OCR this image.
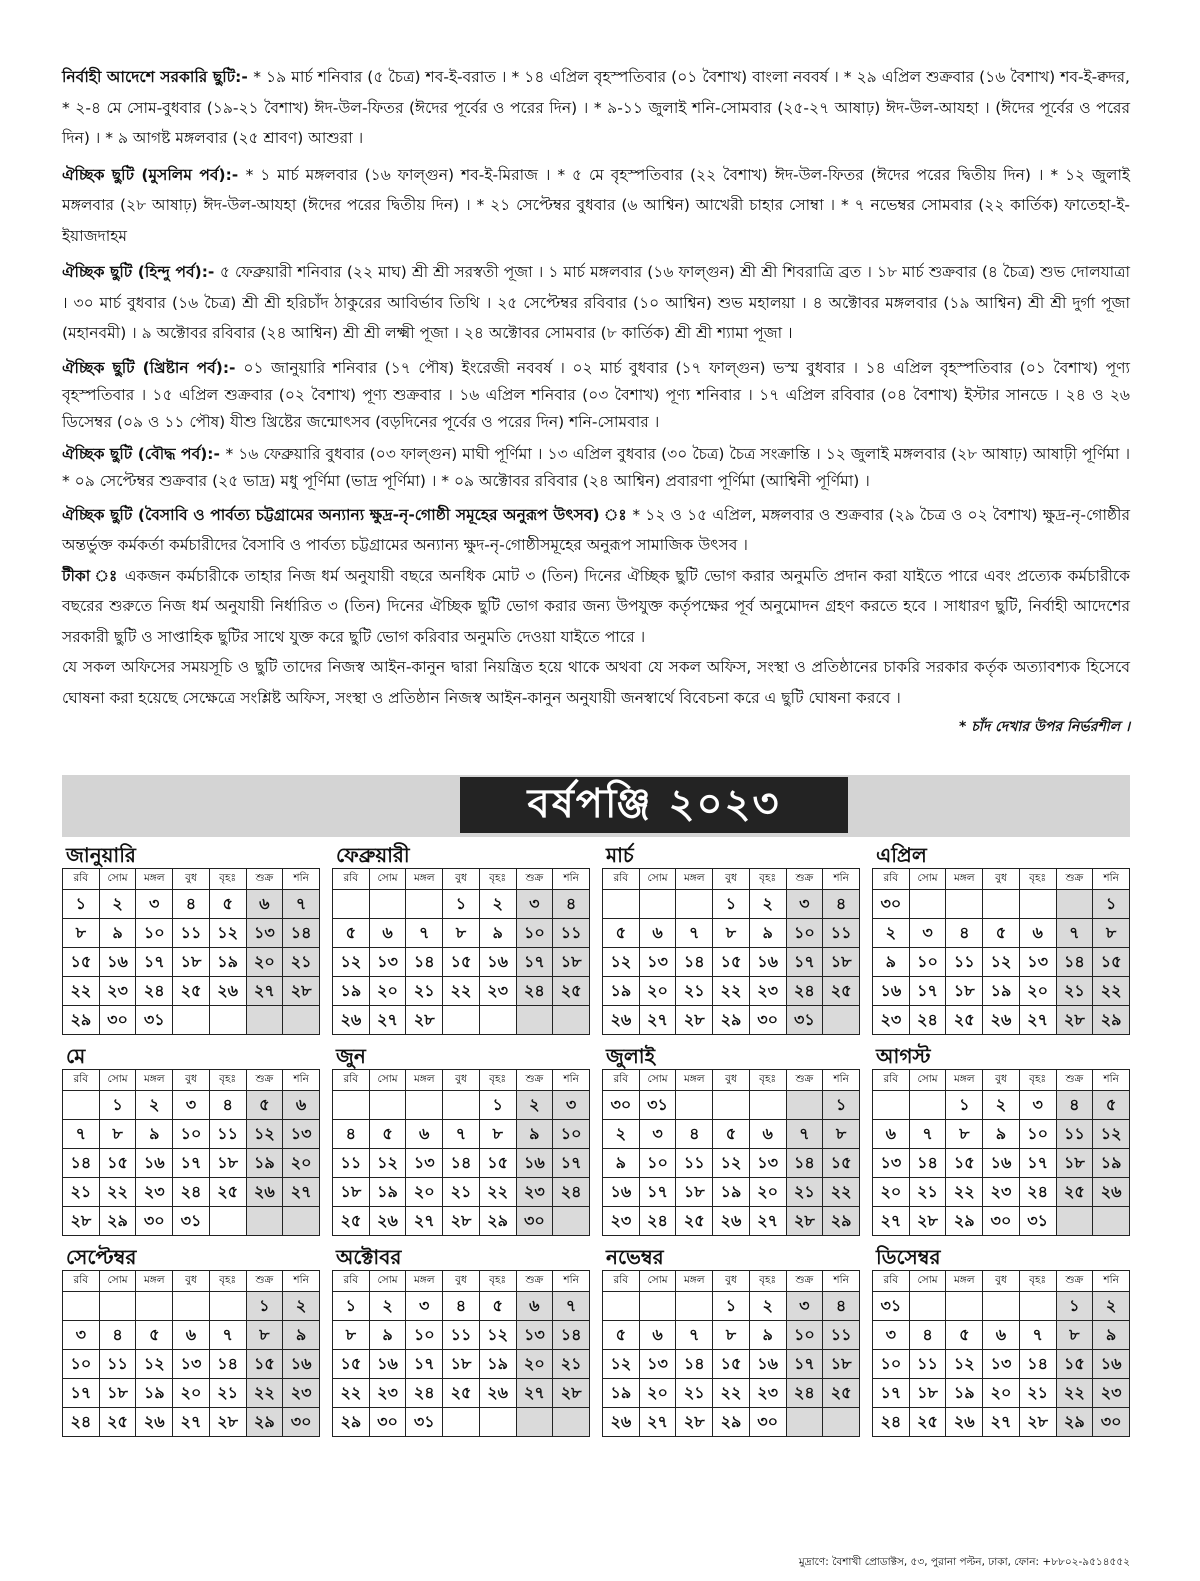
নির্বাহী আদেশে সরকারি ছুটি:- * ১৯ মার্চ শনিবার (৫ চৈত্র) শব-ই-বরাত । * ১৪ এপ্রিল বৃহস্পতিবার (০১ বৈশাখ) বাংলা নববর্ষ । * ২৯ এপ্রিল শুক্রবার (১৬ বৈশাখ) শব-ই-ক্বদর, * ২-৪ মে সোম-বুধবার (১৯-২১ বৈশাখ) ঈদ-উল-ফিতর (ঈদের পূর্বের ও পরের দিন) । * ৯-১১ জুলাই শনি-সোমবার (২৫-২৭ আষাঢ়) ঈদ-উল-আযহা । (ঈদের পূর্বের ও পরের দিন) । * ৯ আগষ্ট মঙ্গলবার (২৫ শ্রাবণ) আশুরা ।

ঐচ্ছিক ছুটি (মুসলিম পর্ব):- * ১ মার্চ মঙ্গলবার (১৬ ফাল্গুন) শব-ই-মিরাজ । * ৫ মে বৃহস্পতিবার (২২ বৈশাখ) ঈদ-উল-ফিতর (ঈদের পরের দ্বিতীয় দিন) । * ১২ জুলাই মঙ্গলবার (২৮ আষাঢ়) ঈদ-উল-আযহা (ঈদের পরের দ্বিতীয় দিন) । * ২১ সেপ্টেম্বর বুধবার (৬ আশ্বিন) আখেরী চাহার সোম্বা । * ৭ নভেম্বর সোমবার (২২ কার্তিক) ফাতেহা-ই-ইয়াজদাহম

ঐচ্ছিক ছুটি (হিন্দু পর্ব):- ৫ ফেব্রুয়ারী শনিবার (২২ মাঘ) শ্রী শ্রী সরস্বতী পূজা । ১ মার্চ মঙ্গলবার (১৬ ফাল্গুন) শ্রী শ্রী শিবরাত্রি ব্রত । ১৮ মার্চ শুক্রবার (৪ চৈত্র) শুভ দোলযাত্রা । ৩০ মার্চ বুধবার (১৬ চৈত্র) শ্রী শ্রী হরিচাঁদ ঠাকুরের আবির্ভাব তিথি । ২৫ সেপ্টেম্বর রবিবার (১০ আশ্বিন) শুভ মহালয়া । ৪ অক্টোবর মঙ্গলবার (১৯ আশ্বিন) শ্রী শ্রী দুর্গা পূজা (মহানবমী) । ৯ অক্টোবর রবিবার (২৪ আশ্বিন) শ্রী শ্রী লক্ষ্মী পূজা । ২৪ অক্টোবর সোমবার (৮ কার্তিক) শ্রী শ্রী শ্যামা পূজা ।

ঐচ্ছিক ছুটি (খ্রিষ্টান পর্ব):- ০১ জানুয়ারি শনিবার (১৭ পৌষ) ইংরেজী নববর্ষ । ০২ মার্চ বুধবার (১৭ ফাল্গুন) ভস্ম বুধবার । ১৪ এপ্রিল বৃহস্পতিবার (০১ বৈশাখ) পূণ্য বৃহস্পতিবার । ১৫ এপ্রিল শুক্রবার (০২ বৈশাখ) পূণ্য শুক্রবার । ১৬ এপ্রিল শনিবার (০৩ বৈশাখ) পূণ্য শনিবার । ১৭ এপ্রিল রবিবার (০৪ বৈশাখ) ইস্টার সানডে । ২৪ ও ২৬ ডিসেম্বর (০৯ ও ১১ পৌষ) যীশু খ্রিষ্টের জন্মোৎসব (বড়দিনের পূর্বের ও পরের দিন) শনি-সোমবার ।

ঐচ্ছিক ছুটি (বৌদ্ধ পর্ব):- * ১৬ ফেব্রুয়ারি বুধবার (০৩ ফাল্গুন) মাঘী পূর্ণিমা । ১৩ এপ্রিল বুধবার (৩০ চৈত্র) চৈত্র সংক্রান্তি । ১২ জুলাই মঙ্গলবার (২৮ আষাঢ়) আষাঢ়ী পূর্ণিমা । * ০৯ সেপ্টেম্বর শুক্রবার (২৫ ভাদ্র) মধু পূর্ণিমা (ভাদ্র পূর্ণিমা) । * ০৯ অক্টোবর রবিবার (২৪ আশ্বিন) প্রবারণা পূর্ণিমা (আশ্বিনী পূর্ণিমা) ।

ঐচ্ছিক ছুটি (বৈসাবি ও পার্বত্য চট্টগ্রামের অন্যান্য ক্ষুদ্র-নৃ-গোষ্ঠী সমূহের অনুরূপ উৎসব) ঃ * ১২ ও ১৫ এপ্রিল, মঙ্গলবার ও শুক্রবার (২৯ চৈত্র ও ০২ বৈশাখ) ক্ষুদ্র-নৃ-গোষ্ঠীর অন্তর্ভুক্ত কর্মকর্তা কর্মচারীদের বৈসাবি ও পার্বত্য চট্টগ্রামের অন্যান্য ক্ষুদ-নৃ-গোষ্ঠীসমূহের অনুরূপ সামাজিক উৎসব ।

টীকা ঃ একজন কর্মচারীকে তাহার নিজ ধর্ম অনুযায়ী বছরে অনধিক মোট ৩ (তিন) দিনের ঐচ্ছিক ছুটি ভোগ করার অনুমতি প্রদান করা যাইতে পারে এবং প্রত্যেক কর্মচারীকে বছরের শুরুতে নিজ ধর্ম অনুযায়ী নির্ধারিত ৩ (তিন) দিনের ঐচ্ছিক ছুটি ভোগ করার জন্য উপযুক্ত কর্তৃপক্ষের পূর্ব অনুমোদন গ্রহণ করতে হবে । সাধারণ ছুটি, নির্বাহী আদেশের সরকারী ছুটি ও সাপ্তাহিক ছুটির সাথে যুক্ত করে ছুটি ভোগ করিবার অনুমতি দেওয়া যাইতে পারে ।

যে সকল অফিসের সময়সূচি ও ছুটি তাদের নিজস্ব আইন-কানুন দ্বারা নিয়ন্ত্রিত হয়ে থাকে অথবা যে সকল অফিস, সংস্থা ও প্রতিষ্ঠানের চাকরি সরকার কর্তৃক অত্যাবশ্যক হিসেবে ঘোষনা করা হয়েছে সেক্ষেত্রে সংশ্লিষ্ট অফিস, সংস্থা ও প্রতিষ্ঠান নিজস্ব আইন-কানুন অনুযায়ী জনস্বার্থে বিবেচনা করে এ ছুটি ঘোষনা করবে ।

* চাঁদ দেখার উপর নির্ভরশীল ।
বর্ষপঞ্জি ২০২৩
জানুয়ারি
রবি	সোম	মঙ্গল	বুধ	বৃহঃ	শুক্র	শনি
১	২	৩	৪	৫	৬	৭
৮	৯	১০	১১	১২	১৩	১৪
১৫	১৬	১৭	১৮	১৯	২০	২১
২২	২৩	২৪	২৫	২৬	২৭	২৮
২৯	৩০	৩১				
ফেব্রুয়ারী
রবি	সোম	মঙ্গল	বুধ	বৃহঃ	শুক্র	শনি
			১	২	৩	৪
৫	৬	৭	৮	৯	১০	১১
১২	১৩	১৪	১৫	১৬	১৭	১৮
১৯	২০	২১	২২	২৩	২৪	২৫
২৬	২৭	২৮				
মার্চ
রবি	সোম	মঙ্গল	বুধ	বৃহঃ	শুক্র	শনি
			১	২	৩	৪
৫	৬	৭	৮	৯	১০	১১
১২	১৩	১৪	১৫	১৬	১৭	১৮
১৯	২০	২১	২২	২৩	২৪	২৫
২৬	২৭	২৮	২৯	৩০	৩১	
এপ্রিল
রবি	সোম	মঙ্গল	বুধ	বৃহঃ	শুক্র	শনি
৩০						১
২	৩	৪	৫	৬	৭	৮
৯	১০	১১	১২	১৩	১৪	১৫
১৬	১৭	১৮	১৯	২০	২১	২২
২৩	২৪	২৫	২৬	২৭	২৮	২৯
মে
রবি	সোম	মঙ্গল	বুধ	বৃহঃ	শুক্র	শনি
	১	২	৩	৪	৫	৬
৭	৮	৯	১০	১১	১২	১৩
১৪	১৫	১৬	১৭	১৮	১৯	২০
২১	২২	২৩	২৪	২৫	২৬	২৭
২৮	২৯	৩০	৩১			
জুন
রবি	সোম	মঙ্গল	বুধ	বৃহঃ	শুক্র	শনি
				১	২	৩
৪	৫	৬	৭	৮	৯	১০
১১	১২	১৩	১৪	১৫	১৬	১৭
১৮	১৯	২০	২১	২২	২৩	২৪
২৫	২৬	২৭	২৮	২৯	৩০	
জুলাই
রবি	সোম	মঙ্গল	বুধ	বৃহঃ	শুক্র	শনি
৩০	৩১					১
২	৩	৪	৫	৬	৭	৮
৯	১০	১১	১২	১৩	১৪	১৫
১৬	১৭	১৮	১৯	২০	২১	২২
২৩	২৪	২৫	২৬	২৭	২৮	২৯
আগস্ট
রবি	সোম	মঙ্গল	বুধ	বৃহঃ	শুক্র	শনি
		১	২	৩	৪	৫
৬	৭	৮	৯	১০	১১	১২
১৩	১৪	১৫	১৬	১৭	১৮	১৯
২০	২১	২২	২৩	২৪	২৫	২৬
২৭	২৮	২৯	৩০	৩১		
সেপ্টেম্বর
রবি	সোম	মঙ্গল	বুধ	বৃহঃ	শুক্র	শনি
					১	২
৩	৪	৫	৬	৭	৮	৯
১০	১১	১২	১৩	১৪	১৫	১৬
১৭	১৮	১৯	২০	২১	২২	২৩
২৪	২৫	২৬	২৭	২৮	২৯	৩০
অক্টোবর
রবি	সোম	মঙ্গল	বুধ	বৃহঃ	শুক্র	শনি
১	২	৩	৪	৫	৬	৭
৮	৯	১০	১১	১২	১৩	১৪
১৫	১৬	১৭	১৮	১৯	২০	২১
২২	২৩	২৪	২৫	২৬	২৭	২৮
২৯	৩০	৩১				
নভেম্বর
রবি	সোম	মঙ্গল	বুধ	বৃহঃ	শুক্র	শনি
			১	২	৩	৪
৫	৬	৭	৮	৯	১০	১১
১২	১৩	১৪	১৫	১৬	১৭	১৮
১৯	২০	২১	২২	২৩	২৪	২৫
২৬	২৭	২৮	২৯	৩০		
ডিসেম্বর
রবি	সোম	মঙ্গল	বুধ	বৃহঃ	শুক্র	শনি
৩১					১	২
৩	৪	৫	৬	৭	৮	৯
১০	১১	১২	১৩	১৪	১৫	১৬
১৭	১৮	১৯	২০	২১	২২	২৩
২৪	২৫	২৬	২৭	২৮	২৯	৩০
মুদ্রাণে: বৈশাখী প্রোডাক্টস, ৫৩, পুরানা পল্টন, ঢাকা, ফোন: +৮৮০২-৯৫১৪৫৫২
